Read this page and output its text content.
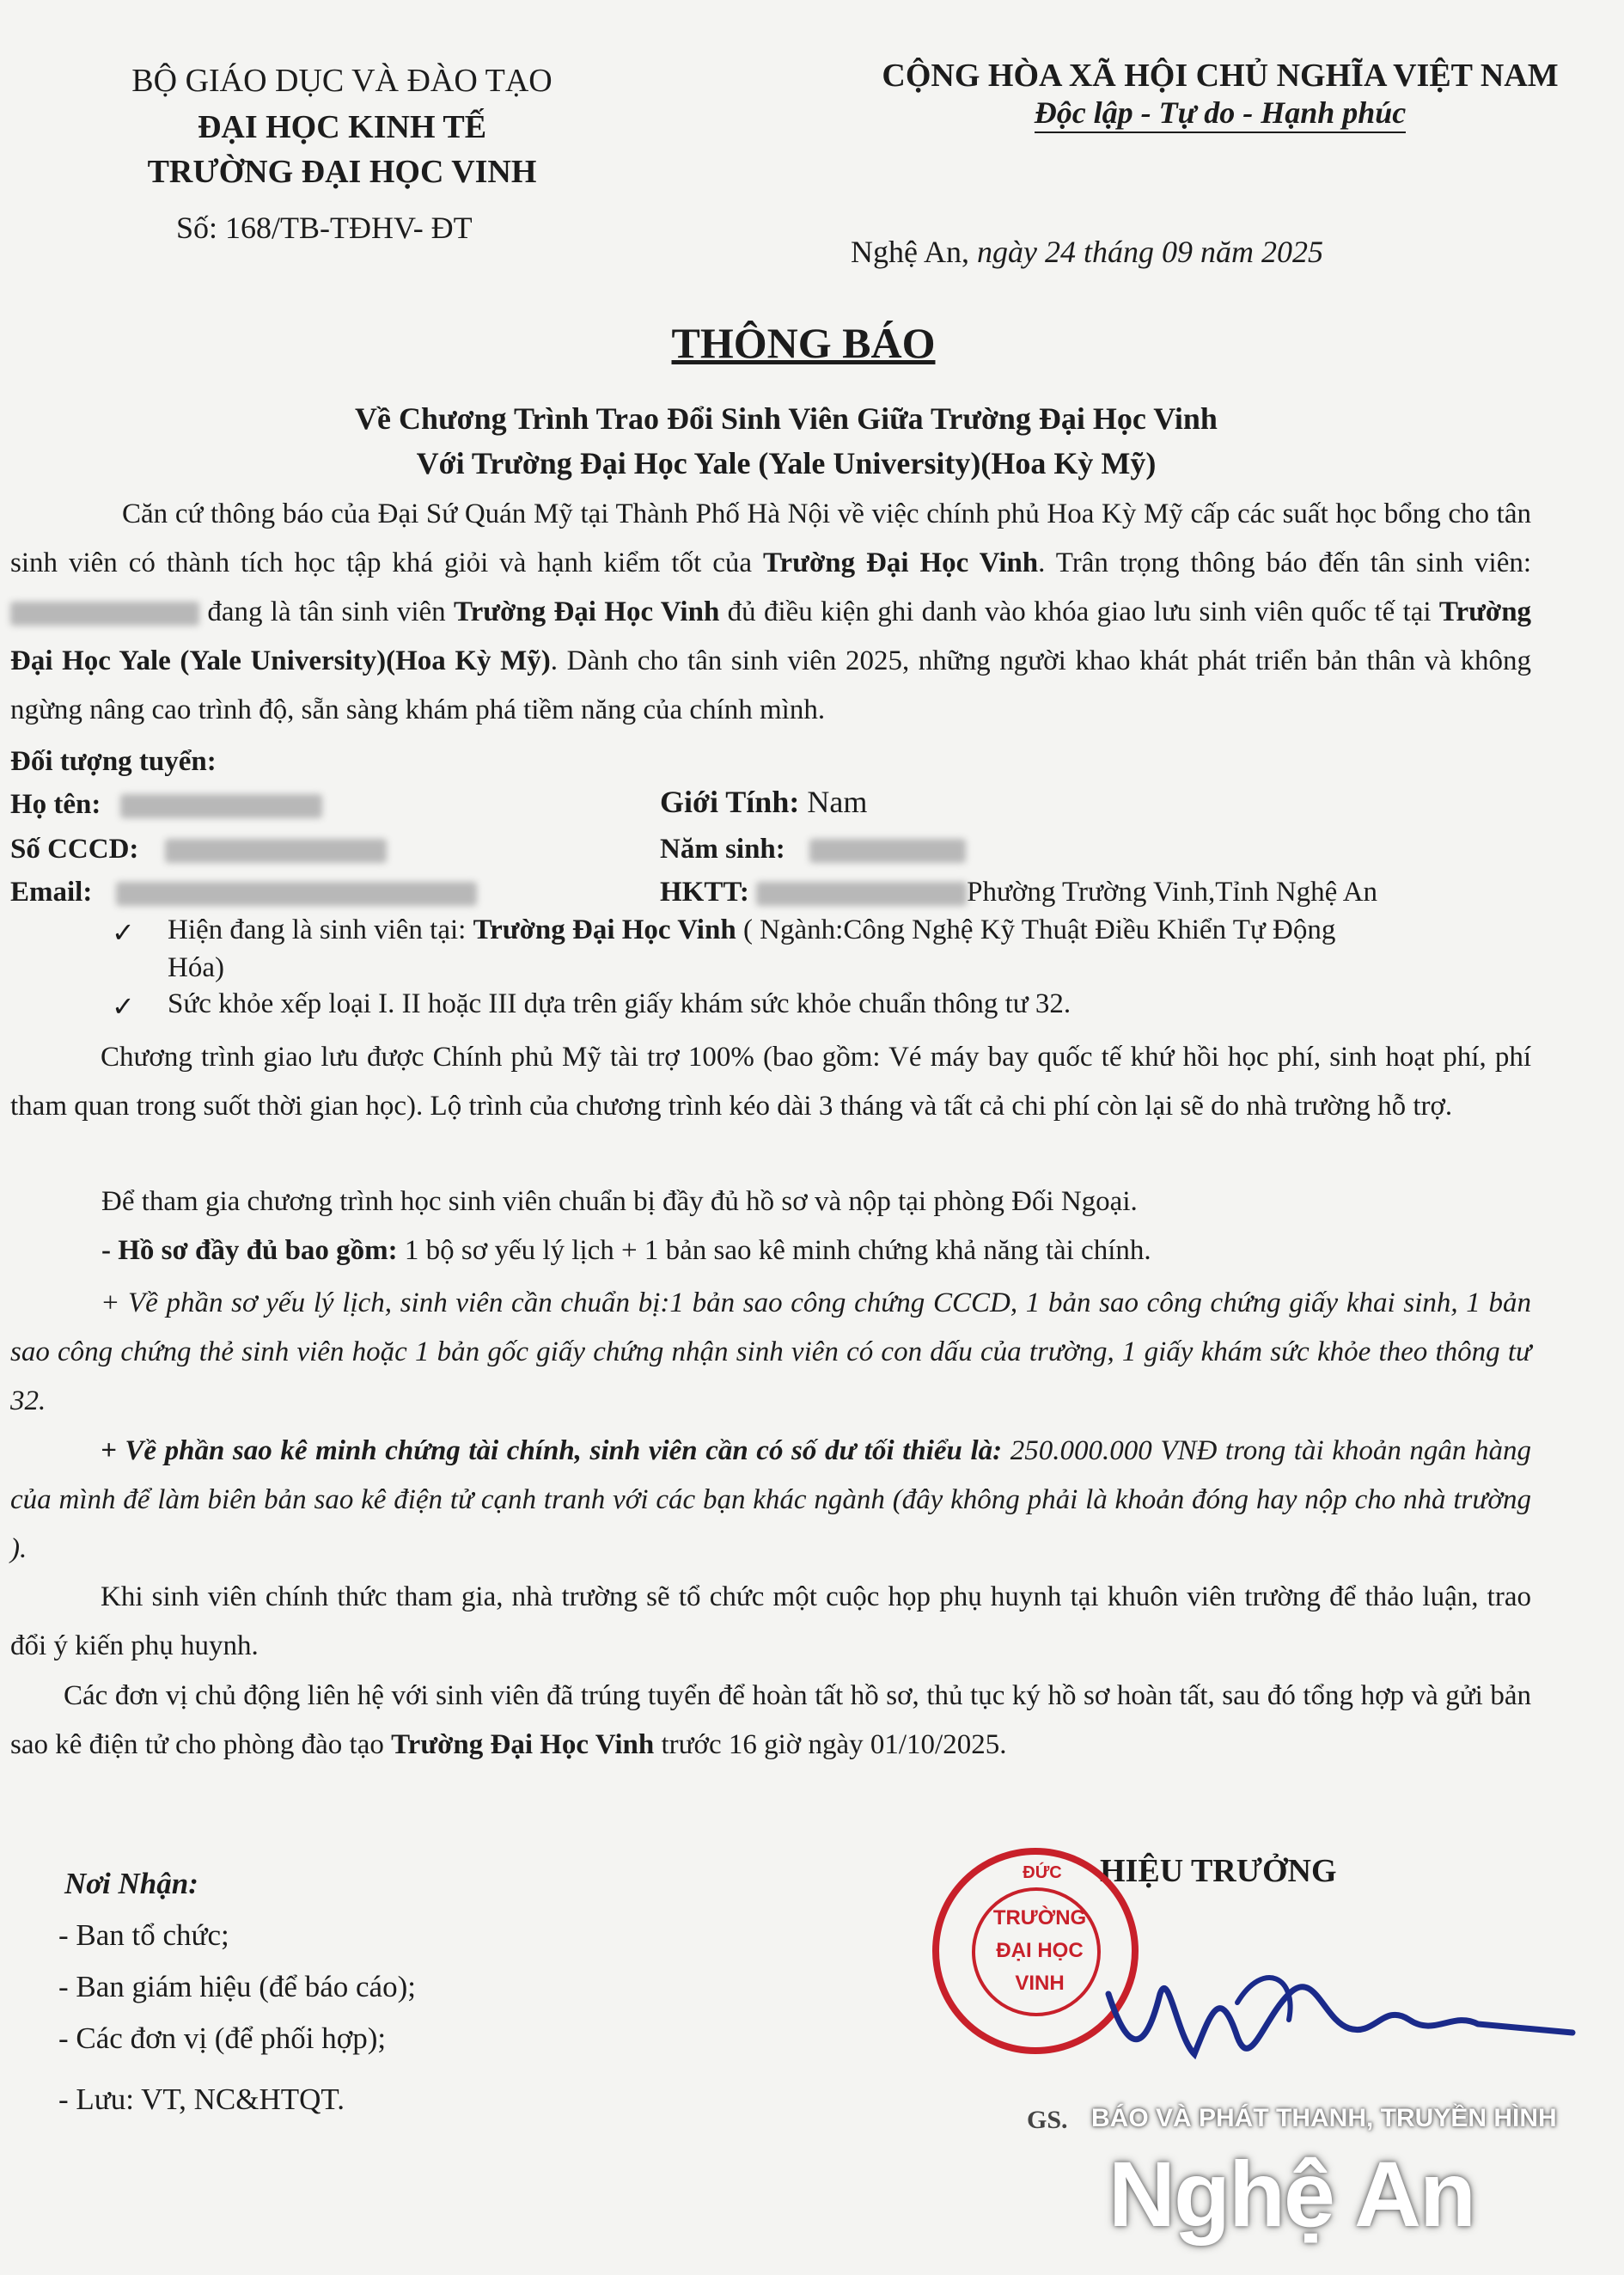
BỘ GIÁO DỤC VÀ ĐÀO TẠO
ĐẠI HỌC KINH TẾ
TRƯỜNG ĐẠI HỌC VINH
Số: 168/TB-TĐHV- ĐT
CỘNG HÒA XÃ HỘI CHỦ NGHĨA VIỆT NAM
Độc lập - Tự do - Hạnh phúc
Nghệ An, ngày 24 tháng 09 năm 2025
THÔNG BÁO
Về Chương Trình Trao Đổi Sinh Viên Giữa Trường Đại Học Vinh
Với Trường Đại Học Yale (Yale University)(Hoa Kỳ Mỹ)
Căn cứ thông báo của Đại Sứ Quán Mỹ tại Thành Phố Hà Nội về việc chính phủ Hoa Kỳ Mỹ cấp các suất học bổng cho tân sinh viên có thành tích học tập khá giỏi và hạnh kiểm tốt của Trường Đại Học Vinh. Trân trọng thông báo đến tân sinh viên:  đang là tân sinh viên Trường Đại Học Vinh đủ điều kiện ghi danh vào khóa giao lưu sinh viên quốc tế tại Trường Đại Học Yale (Yale University)(Hoa Kỳ Mỹ). Dành cho tân sinh viên 2025, những người khao khát phát triển bản thân và không ngừng nâng cao trình độ, sẵn sàng khám phá tiềm năng của chính mình.
Đối tượng tuyển:
Họ tên:	Giới Tính: Nam
Số CCCD:	Năm sinh:
Email:	HKTT:	Phường Trường Vinh,Tỉnh Nghệ An
✓ Hiện đang là sinh viên tại: Trường Đại Học Vinh ( Ngành:Công Nghệ Kỹ Thuật Điều Khiển Tự Động
Hóa)
✓ Sức khỏe xếp loại I. II hoặc III dựa trên giấy khám sức khỏe chuẩn thông tư 32.
Chương trình giao lưu được Chính phủ Mỹ tài trợ 100% (bao gồm: Vé máy bay quốc tế khứ hồi học phí, sinh hoạt phí, phí tham quan trong suốt thời gian học). Lộ trình của chương trình kéo dài 3 tháng và tất cả chi phí còn lại sẽ do nhà trường hỗ trợ.
Để tham gia chương trình học sinh viên chuẩn bị đầy đủ hồ sơ và nộp tại phòng Đối Ngoại.
- Hồ sơ đầy đủ bao gồm: 1 bộ sơ yếu lý lịch + 1 bản sao kê minh chứng khả năng tài chính.
+ Về phần sơ yếu lý lịch, sinh viên cần chuẩn bị:1 bản sao công chứng CCCD, 1 bản sao công chứng giấy khai sinh, 1 bản sao công chứng thẻ sinh viên hoặc 1 bản gốc giấy chứng nhận sinh viên có con dấu của trường, 1 giấy khám sức khỏe theo thông tư 32.
+ Về phần sao kê minh chứng tài chính, sinh viên cần có số dư tối thiểu là: 250.000.000 VNĐ trong tài khoản ngân hàng của mình để làm biên bản sao kê điện tử cạnh tranh với các bạn khác ngành (đây không phải là khoản đóng hay nộp cho nhà trường ).
Khi sinh viên chính thức tham gia, nhà trường sẽ tổ chức một cuộc họp phụ huynh tại khuôn viên trường để thảo luận, trao đổi ý kiến phụ huynh.
Các đơn vị chủ động liên hệ với sinh viên đã trúng tuyển để hoàn tất hồ sơ, thủ tục ký hồ sơ hoàn tất, sau đó tổng hợp và gửi bản sao kê điện tử cho phòng đào tạo Trường Đại Học Vinh trước 16 giờ ngày 01/10/2025.
Nơi Nhận:
- Ban tổ chức;
- Ban giám hiệu (để báo cáo);
- Các đơn vị (để phối hợp);
- Lưu: VT, NC&HTQT.
HIỆU TRƯỞNG
ĐỨC
TRƯỜNG
ĐẠI HỌC
VINH
GS. BÁO VÀ PHÁT THANH, TRUYỀN HÌNH
Nghệ An
